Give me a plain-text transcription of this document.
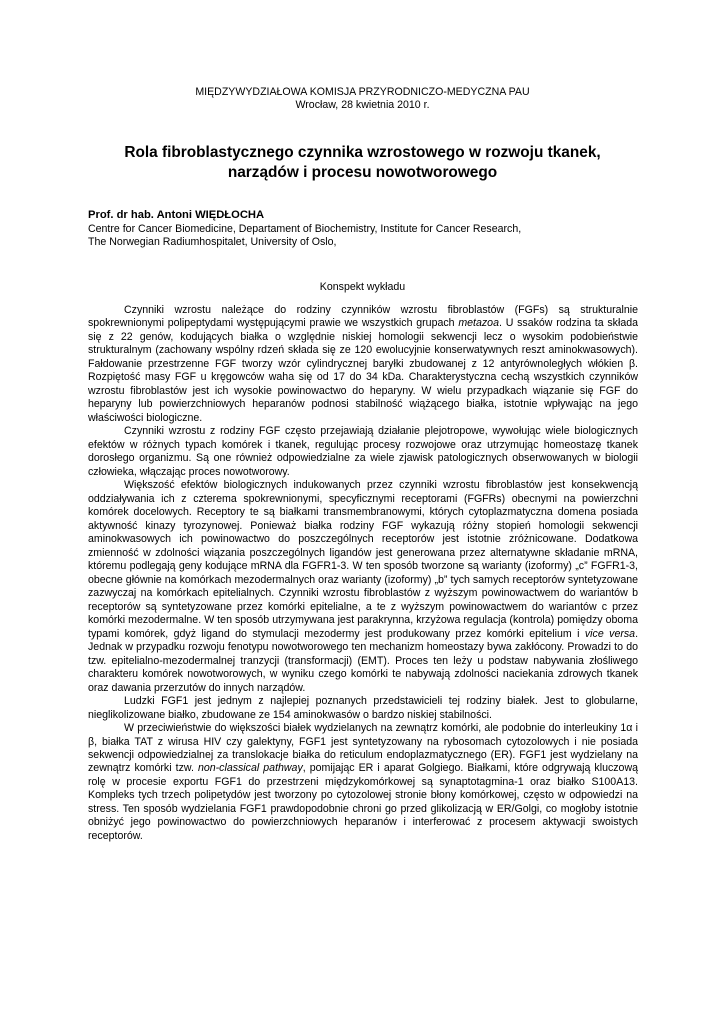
MIĘDZYWYDZIAŁOWA KOMISJA PRZYRODNICZO-MEDYCZNA PAU
Wrocław, 28 kwietnia 2010 r.
Rola fibroblastycznego czynnika wzrostowego w rozwoju tkanek,
narządów i procesu nowotworowego
Prof. dr hab. Antoni WIĘDŁOCHA
Centre for Cancer Biomedicine, Departament of Biochemistry, Institute for Cancer Research,
The Norwegian Radiumhospitalet, University of Oslo,
Konspekt wykładu

Czynniki wzrostu należące do rodziny czynników wzrostu fibroblastów (FGFs) są strukturalnie spokrewnionymi polipeptydami występującymi prawie we wszystkich grupach metazoa. U ssaków rodzina ta składa się z 22 genów, kodujących białka o względnie niskiej homologii sekwencji lecz o wysokim podobieństwie strukturalnym (zachowany wspólny rdzeń składa się ze 120 ewolucyjnie konserwatywnych reszt aminokwasowych). Fałdowanie przestrzenne FGF tworzy wzór cylindrycznej baryłki zbudowanej z 12 antyrównoległych włókien β. Rozpiętość masy FGF u kręgowców waha się od 17 do 34 kDa. Charakterystyczna cechą wszystkich czynników wzrostu fibroblastów jest ich wysokie powinowactwo do heparyny. W wielu przypadkach wiązanie się FGF do heparyny lub powierzchniowych heparanów podnosi stabilność wiążącego białka, istotnie wpływając na jego właściwości biologiczne.

Czynniki wzrostu z rodziny FGF często przejawiają działanie plejotropowe, wywołując wiele biologicznych efektów w różnych typach komórek i tkanek, regulując procesy rozwojowe oraz utrzymując homeostazę tkanek dorosłego organizmu. Są one również odpowiedzialne za wiele zjawisk patologicznych obserwowanych w biologii człowieka, włączając proces nowotworowy.

Większość efektów biologicznych indukowanych przez czynniki wzrostu fibroblastów jest konsekwencją oddziaływania ich z czterema spokrewnionymi, specyficznymi receptorami (FGFRs) obecnymi na powierzchni komórek docelowych. Receptory te są białkami transmembranowymi, których cytoplazmatyczna domena posiada aktywność kinazy tyrozynowej. Ponieważ białka rodziny FGF wykazują różny stopień homologii sekwencji aminokwasowych ich powinowactwo do poszczególnych receptorów jest istotnie zróżnicowane. Dodatkowa zmienność w zdolności wiązania poszczególnych ligandów jest generowana przez alternatywne składanie mRNA, któremu podlegają geny kodujące mRNA dla FGFR1-3. W ten sposób tworzone są warianty (izoformy) „c” FGFR1-3, obecne głównie na komórkach mezodermalnych oraz warianty (izoformy) „b” tych samych receptorów syntetyzowane zazwyczaj na komórkach epitelialnych. Czynniki wzrostu fibroblastów z wyższym powinowactwem do wariantów b receptorów są syntetyzowane przez komórki epitelialne, a te z wyższym powinowactwem do wariantów c przez komórki mezodermalne. W ten sposób utrzymywana jest parakrynna, krzyżowa regulacja (kontrola) pomiędzy oboma typami komórek, gdyż ligand do stymulacji mezodermy jest produkowany przez komórki epitelium i vice versa. Jednak w przypadku rozwoju fenotypu nowotworowego ten mechanizm homeostazy bywa zakłócony. Prowadzi to do tzw. epitelialno-mezodermalnej tranzycji (transformacji) (EMT). Proces ten leży u podstaw nabywania złośliwego charakteru komórek nowotworowych, w wyniku czego komórki te nabywają zdolności naciekania zdrowych tkanek oraz dawania przerzutów do innych narządów.

Ludzki FGF1 jest jednym z najlepiej poznanych przedstawicieli tej rodziny białek. Jest to globularne, nieglikolizowane białko, zbudowane ze 154 aminokwasów o bardzo niskiej stabilności.

W przeciwieństwie do większości białek wydzielanych na zewnątrz komórki, ale podobnie do interleukiny 1α i β, białka TAT z wirusa HIV czy galektyny, FGF1 jest syntetyzowany na rybosomach cytozolowych i nie posiada sekwencji odpowiedzialnej za translokacje białka do reticulum endoplazmatycznego (ER). FGF1 jest wydzielany na zewnątrz komórki tzw. non-classical pathway, pomijając ER i aparat Golgiego. Białkami, które odgrywają kluczową rolę w procesie exportu FGF1 do przestrzeni międzykomórkowej są synaptotagmina-1 oraz białko S100A13. Kompleks tych trzech polipetydów jest tworzony po cytozolowej stronie błony komórkowej, często w odpowiedzi na stress. Ten sposób wydzielania FGF1 prawdopodobnie chroni go przed glikolizacją w ER/Golgi, co mogłoby istotnie obniżyć jego powinowactwo do powierzchniowych heparanów i interferować z procesem aktywacji swoistych receptorów.
